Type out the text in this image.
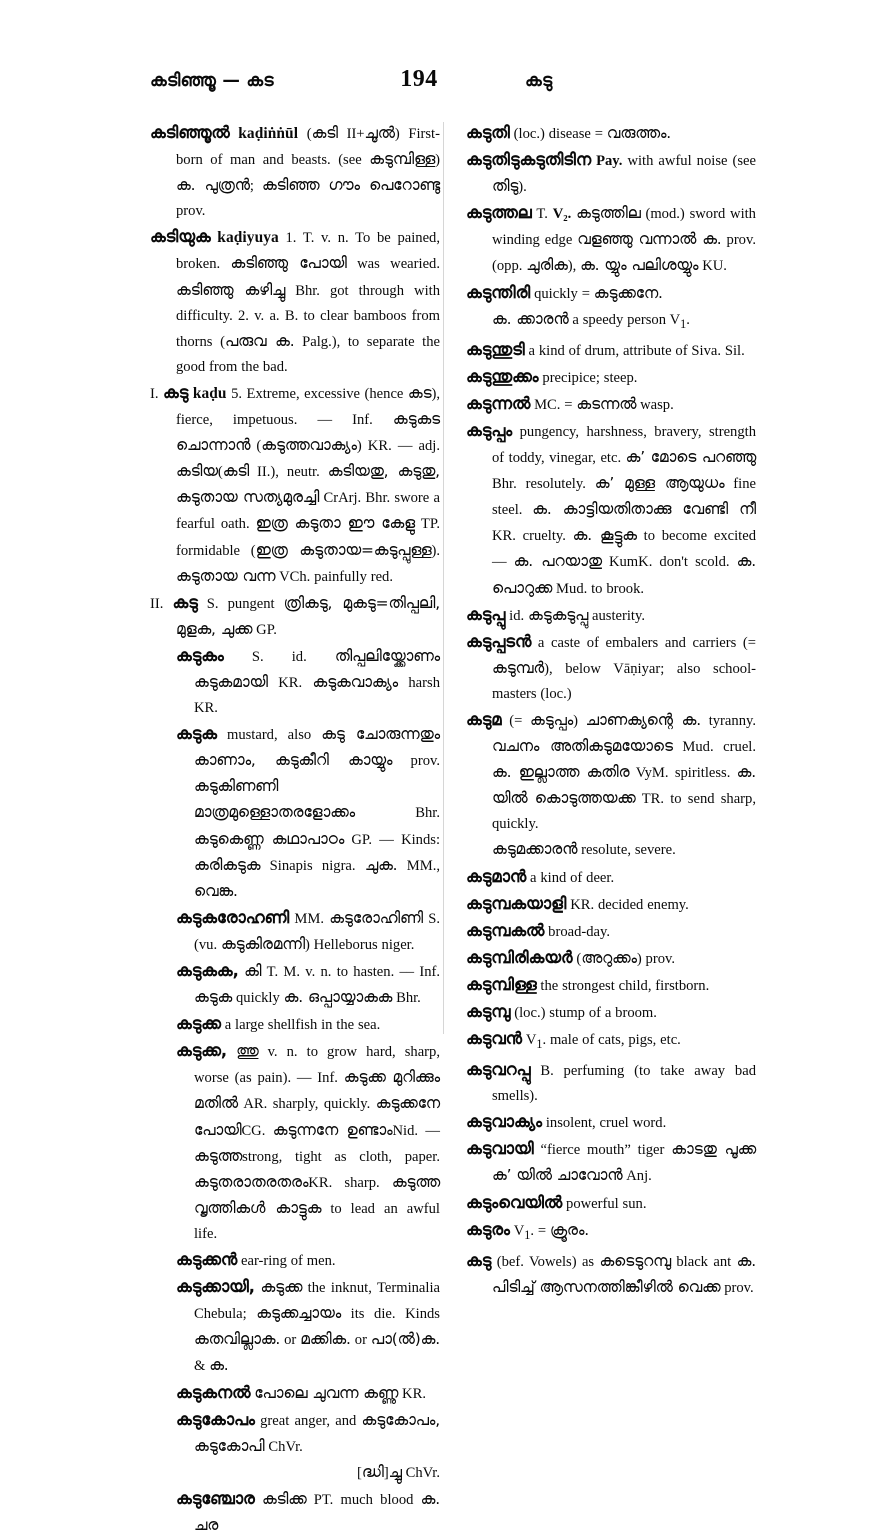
കടിഞ്ഞൂ — കട	194	കടു

കടിഞ്ഞൂൽ kaḍiṅṅūl (കടി II+ചൂൽ) First-born of man and beasts. (see കടുമ്പിള്ള) ക. പുത്രൻ; കടിഞ്ഞ ഗൗം പെറോണ്ടു prov.

കടിയുക kaḍiyuya 1. T. v. n. To be pained, broken. കടിഞ്ഞു പോയി was wearied. കടിഞ്ഞു കഴിച്ചു Bhr. got through with difficulty. 2. v. a. B. to clear bamboos from thorns (പരുവ ക. Palg.), to separate the good from the bad.

I. കടു kaḍu 5. Extreme, excessive (hence കട), fierce, impetuous. — Inf. കടുകട ചൊന്നാൻ (കടുത്തവാക്യം) KR. — adj. കടിയ(കടി II.), neutr. കടിയതു, കടുതു, കടുതായ സത്യമുരച്ചി CrArj. Bhr. swore a fearful oath. ഇത്ര കടുതാ ഈ കേളു TP. formidable (ഇത്ര കടുതായ=കടുപ്പുള്ള). കടുതായ വന്ന VCh. painfully red.

II. കടു S. pungent ത്രികടു, മുകടു=തിപ്പലി, മുളക, ചുക്ക GP.

കടുകം S. id. തിപ്പലിയ്ക്കോണം കടുകമായി KR. കടുകവാക്യം harsh KR.

കടുക mustard, also കടു ചോരുന്നതും കാണാം, കടുകീറി കായ്യും prov. കടുകിണണി മാത്രമുള്ളൊതരളോക്കം Bhr. കടുകെണ്ണ കഥാപാഠം GP. — Kinds: കരികടുക Sinapis nigra. ചുക. MM., വെങ്ക.

കടുകരോഹണി MM. കടുരോഹിണി S. (vu. കടുകിരമന്നി) Helleborus niger.

കടുകക, കി T. M. v. n. to hasten. –– Inf. കടുക quickly ക. ഒപ്പായ്യാകക Bhr.

കടുക്ക a large shellfish in the sea.

കടുക്ക, ത്തു v. n. to grow hard, sharp, worse (as pain). — Inf. കടുക്ക മുറിക്കും മതിൽ AR. sharply, quickly. കടുക്കനേ പോയിCG. കടുന്നനേ ഉണ്ടാംNid. — കടുത്തstrong, tight as cloth, paper. കടുതരാതരതരംKR. sharp. കടുത്ത വൃത്തികൾ കാട്ടുക to lead an awful life.

കടുക്കൻ ear-ring of men.

കടുക്കായി, കടുക്ക the inknut, Terminalia Chebula; കടുക്കച്ചായം its die. Kinds കതവില്ലാക. or മക്കിക. or പാ(ൽ)ക. & ക.

കടുകനൽ പോലെ ചുവന്ന കണ്ണു KR.

കടുകോപം great anger, and കടുകോപം, കടുകോപി ChVr.

[ദ്ധി]ച്ചു ChVr.

കടുഞ്ചോര കടിക്ക PT. much blood ക. ചര

കടുതി (loc.) disease = വരുത്തം.

കടുതിടുകടുതിടിന Pay. with awful noise (see തിടു).

കടുത്തല T. V₂. കടുത്തില (mod.) sword with winding edge വളഞ്ഞു വന്നാൽ ക. prov. (opp. ചുരിക), ക. യ്യും പലിശയ്യും KU.

കടുന്തിരി quickly = കടുക്കനേ.

ക. ക്കാരൻ a speedy person $V_1$.

കടുന്തുടി a kind of drum, attribute of Siva. Sil.

കടുന്തുക്കം precipice; steep.

കടുന്നൽ MC. = കടന്നൽ wasp.

കടുപ്പം pungency, harshness, bravery, strength of toddy, vinegar, etc. ക’ മോടെ പറഞ്ഞു Bhr. resolutely. ക’ മുള്ള ആയുധം fine steel. ക. കാട്ടിയതിതാക്കു വേണ്ടി നീ KR. cruelty. ക. കൂട്ടുക to become excited — ക. പറയാതു KumK. don't scold. ക. പൊറുക്ക Mud. to brook.

കടുപ്പു id. കടുകടുപ്പു austerity.

കടുപ്പടൻ a caste of embalers and carriers (= കടുമ്പർ), below Vāṇiyar; also school-masters (loc.)

കടുമ (= കടുപ്പം) ചാണക്യന്റെ ക. tyranny. വചനം അതികടുമയോടെ Mud. cruel. ക. ഇല്ലാത്ത കതിര VyM. spiritless. ക. യിൽ കൊടുത്തയക്ക TR. to send sharp, quickly.

കടുമക്കാരൻ resolute, severe.

കടുമാൻ a kind of deer.

കടുമ്പകയാളി KR. decided enemy.

കടുമ്പകൽ broad-day.

കടുമ്പിരികയർ (അറുക്കം) prov.

കടുമ്പിള്ള the strongest child, firstborn.

കടുമ്പു (loc.) stump of a broom.

കടുവൻ $V_1$. male of cats, pigs, etc.

കടുവറപ്പു B. perfuming (to take away bad smells).

കടുവാക്യം insolent, cruel word.

കടുവായി “fierce mouth” tiger കാടതു പൂക്ക ക’ യിൽ ചാവോൻ Anj.

കടുംവെയിൽ powerful sun.

കടുരം $V_1$. = ക്രൂരം.

കടു (bef. Vowels) as കടെടുറമ്പു black ant ക. പിടിച്ച് ആസനത്തിങ്കീഴിൽ വെക്ക prov.
